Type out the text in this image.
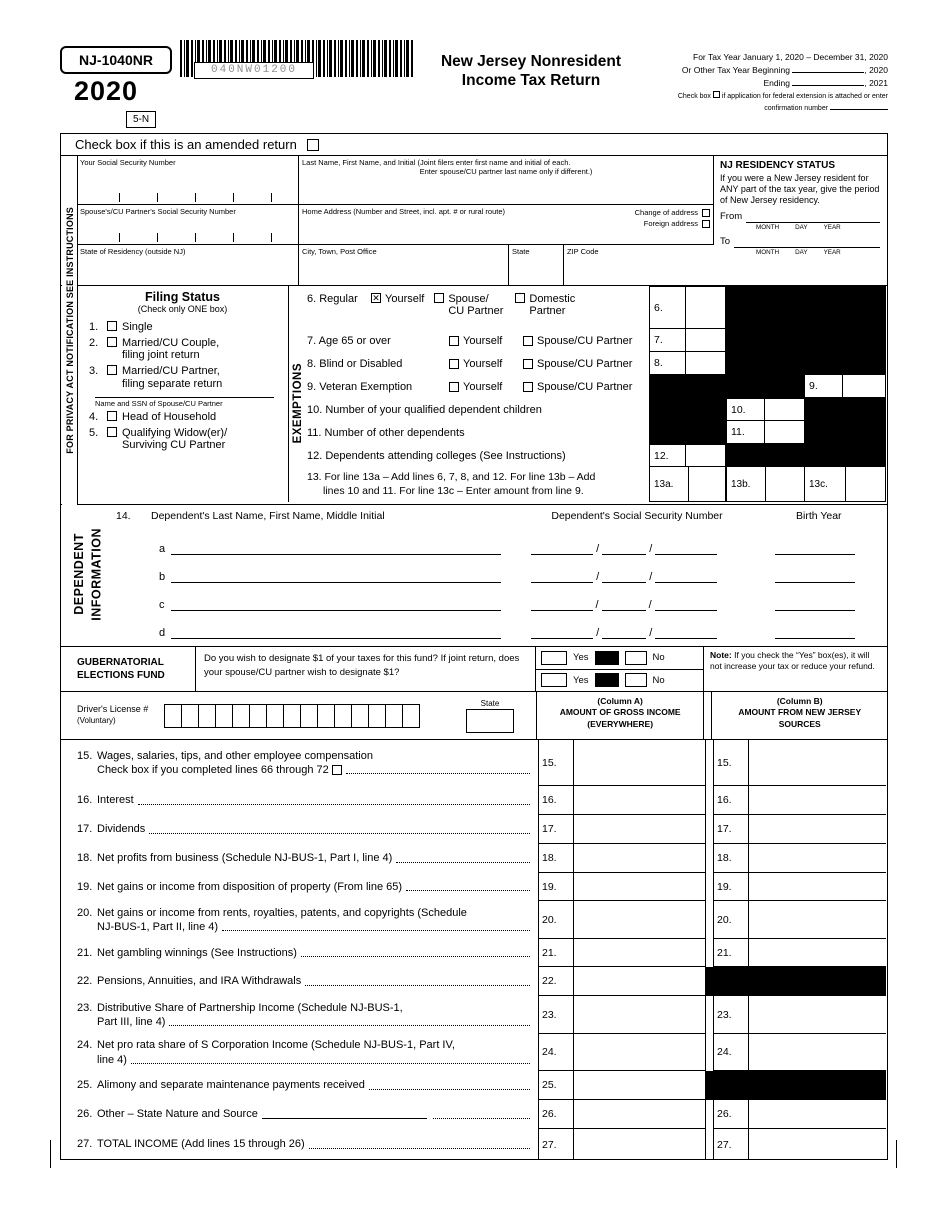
NJ-1040NR
2020
5-N
040NW01200	New Jersey Nonresident
Income Tax Return
For Tax Year January 1, 2020 – December 31, 2020
Or Other Tax Year Beginning	, 2020
Ending	, 2021
Check box if application for federal extension is attached or enter
confirmation number
Check box if this is an amended return
Your Social Security Number	Last Name, First Name, and Initial (Joint filers enter first name and initial of each.
Enter spouse/CU partner last name only if different.)
Spouse's/CU Partner's Social Security Number	Home Address (Number and Street, incl. apt. # or rural route)	Change of address
Foreign address
State of Residency (outside NJ)	City, Town, Post Office	State	ZIP Code
NJ RESIDENCY STATUS
If you were a New Jersey resident for ANY part of the tax year, give the period of New Jersey residency.
From
MONTH	DAY	YEAR
To
MONTH	DAY	YEAR
FOR PRIVACY ACT NOTIFICATION SEE INSTRUCTIONS	Filing Status
(Check only ONE box)
1.	Single
2.	Married/CU Couple,
filing joint return
3.	Married/CU Partner,
filing separate return
Name and SSN of Spouse/CU Partner
4.	Head of Household
5.	Qualifying Widow(er)/
Surviving CU Partner
EXEMPTIONS
6. Regular	✕ Yourself Spouse/
CU Partner
Domestic
Partner
7. Age 65 or over	Yourself	Spouse/CU Partner
8. Blind or Disabled	Yourself	Spouse/CU Partner
9. Veteran Exemption	Yourself	Spouse/CU Partner
10. Number of your qualified dependent children
11. Number of other dependents
12. Dependents attending colleges (See Instructions)
13. For line 13a – Add lines 6, 7, 8, and 12. For line 13b – Add
lines 10 and 11. For line 13c – Enter amount from line 9.
6.
7.
8.
9.
10.
11.
12.
13a.	13b.	13c.
DEPENDENT INFORMATION
14. Dependent's Last Name, First Name, Middle Initial	Dependent's Social Security Number	Birth Year
a	/	/
b	/	/
c	/	/
d	/	/
GUBERNATORIAL
ELECTIONS FUND
Do you wish to designate $1 of your taxes for this fund? If joint return, does your spouse/CU partner wish to designate $1?
Yes	No
Yes	No
Note: If you check the “Yes” box(es), it will not increase your tax or reduce your refund.
Driver's License #
(Voluntary)
State	(Column A)
AMOUNT OF GROSS INCOME
(EVERYWHERE)
(Column B)
AMOUNT FROM NEW JERSEY
SOURCES
15. Wages, salaries, tips, and other employee compensation
Check box if you completed lines 66 through 72

15.	15.
16. Interest	16.	16.
17. Dividends	17.	17.
18. Net profits from business (Schedule NJ-BUS-1, Part I, line 4)	18.	18.
19. Net gains or income from disposition of property (From line 65)	19.	19.
20. Net gains or income from rents, royalties, patents, and copyrights (Schedule
NJ-BUS-1, Part II, line 4)
20.	20.
21. Net gambling winnings (See Instructions)	21.	21.
22. Pensions, Annuities, and IRA Withdrawals	22.
23. Distributive Share of Partnership Income (Schedule NJ-BUS-1,
Part III, line 4)
23.	23.
24. Net pro rata share of S Corporation Income (Schedule NJ-BUS-1, Part IV,
line 4)
24.	24.
25. Alimony and separate maintenance payments received	25.
26. Other – State Nature and Source	26.	26.
27. TOTAL INCOME (Add lines 15 through 26)	27.	27.
